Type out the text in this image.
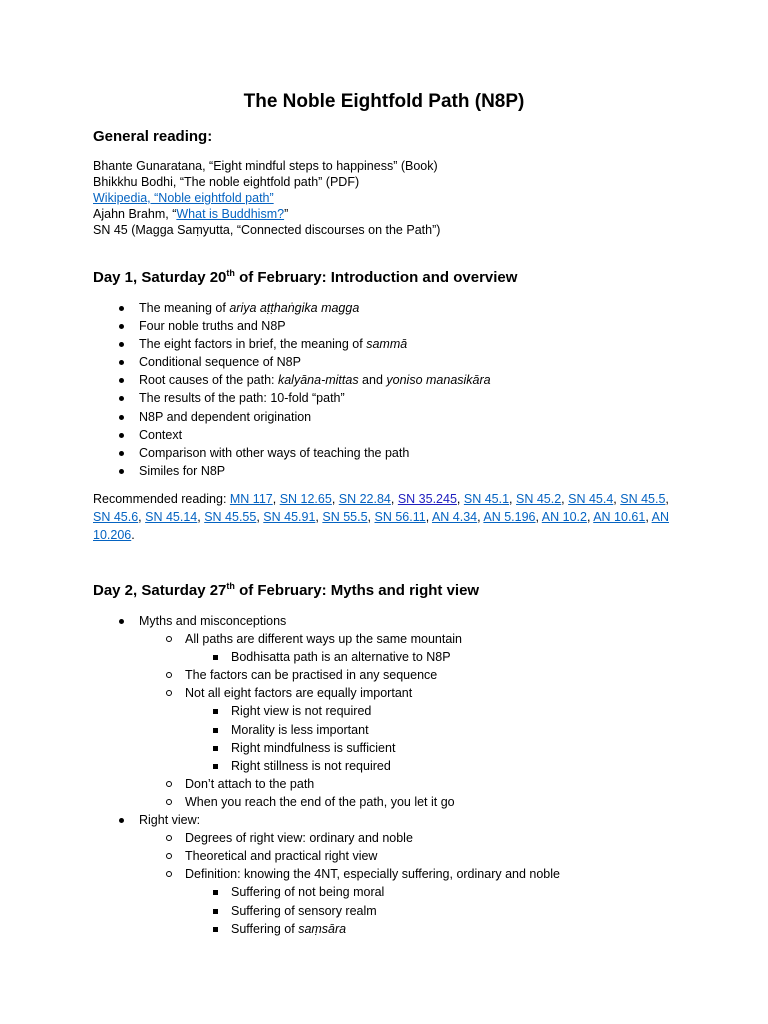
The Noble Eightfold Path (N8P)
General reading:
Bhante Gunaratana, “Eight mindful steps to happiness” (Book)
Bhikkhu Bodhi, “The noble eightfold path” (PDF)
Wikipedia, “Noble eightfold path”
Ajahn Brahm, “What is Buddhism?”
SN 45 (Magga Saṃyutta, “Connected discourses on the Path”)
Day 1, Saturday 20th of February: Introduction and overview
The meaning of ariya aṭṭhaṅgika magga
Four noble truths and N8P
The eight factors in brief, the meaning of sammā
Conditional sequence of N8P
Root causes of the path: kalyāna-mittas and yoniso manasikāra
The results of the path: 10-fold “path”
N8P and dependent origination
Context
Comparison with other ways of teaching the path
Similes for N8P
Recommended reading: MN 117, SN 12.65, SN 22.84, SN 35.245, SN 45.1, SN 45.2, SN 45.4, SN 45.5, SN 45.6, SN 45.14, SN 45.55, SN 45.91, SN 55.5, SN 56.11, AN 4.34, AN 5.196, AN 10.2, AN 10.61, AN 10.206.
Day 2, Saturday 27th of February: Myths and right view
Myths and misconceptions
All paths are different ways up the same mountain
Bodhisatta path is an alternative to N8P
The factors can be practised in any sequence
Not all eight factors are equally important
Right view is not required
Morality is less important
Right mindfulness is sufficient
Right stillness is not required
Don’t attach to the path
When you reach the end of the path, you let it go
Right view:
Degrees of right view: ordinary and noble
Theoretical and practical right view
Definition: knowing the 4NT, especially suffering, ordinary and noble
Suffering of not being moral
Suffering of sensory realm
Suffering of saṃsāra
